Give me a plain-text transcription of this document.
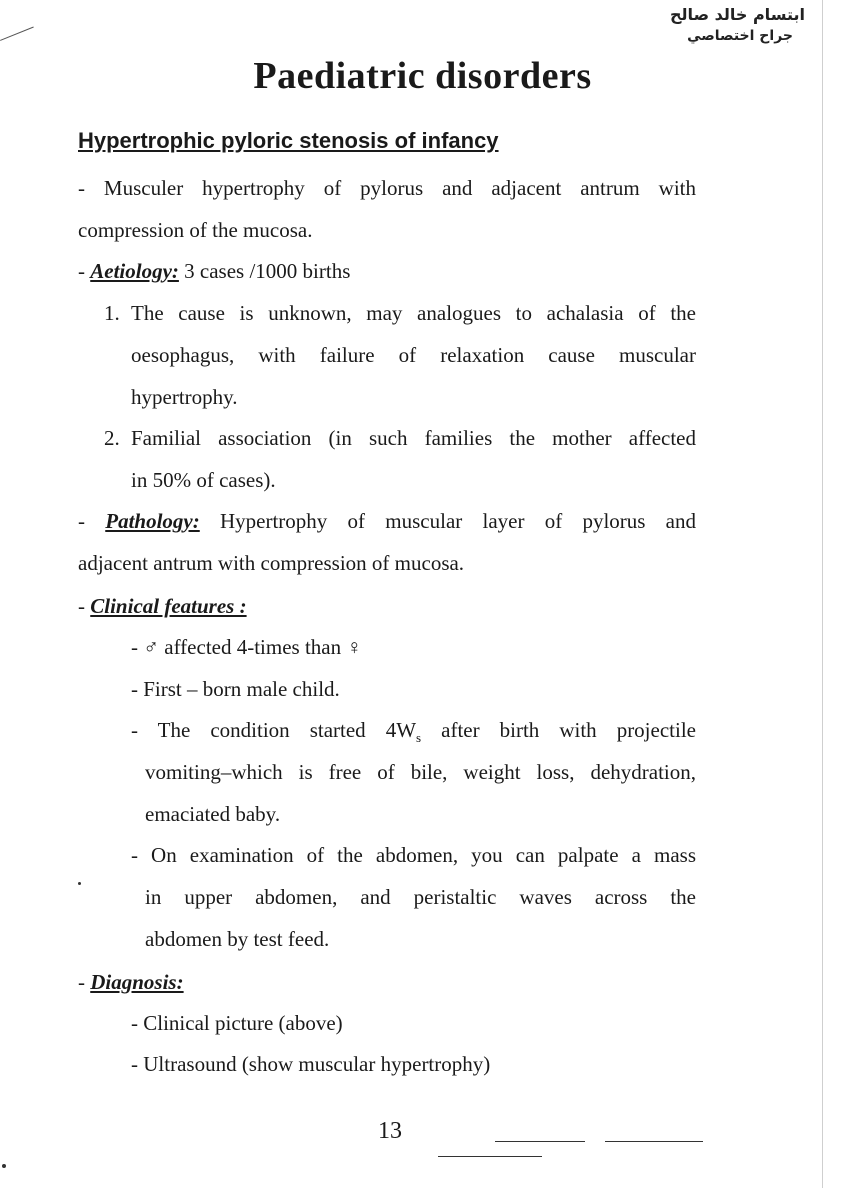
ابتسام خالد صالح
جراح اختصاصي
Paediatric disorders
Hypertrophic pyloric stenosis of infancy
- Musculer hypertrophy of pylorus and adjacent antrum with
compression of the mucosa.
- Aetiology: 3 cases /1000 births
1. The cause is unknown, may analogues to achalasia of the
oesophagus, with failure of relaxation cause muscular
hypertrophy.
2. Familial association (in such families the mother affected
in 50% of cases).
- Pathology: Hypertrophy of muscular layer of pylorus and
adjacent antrum with compression of mucosa.
- Clinical features :
- ♂ affected 4-times than ♀
- First – born male child.
- The condition started $4W_s$ after birth with projectile
vomiting–which is free of bile, weight loss, dehydration,
emaciated baby.
- On examination of the abdomen, you can palpate a mass
in upper abdomen, and peristaltic waves across the
abdomen by test feed.
- Diagnosis:
- Clinical picture (above)
- Ultrasound (show muscular hypertrophy)
13
